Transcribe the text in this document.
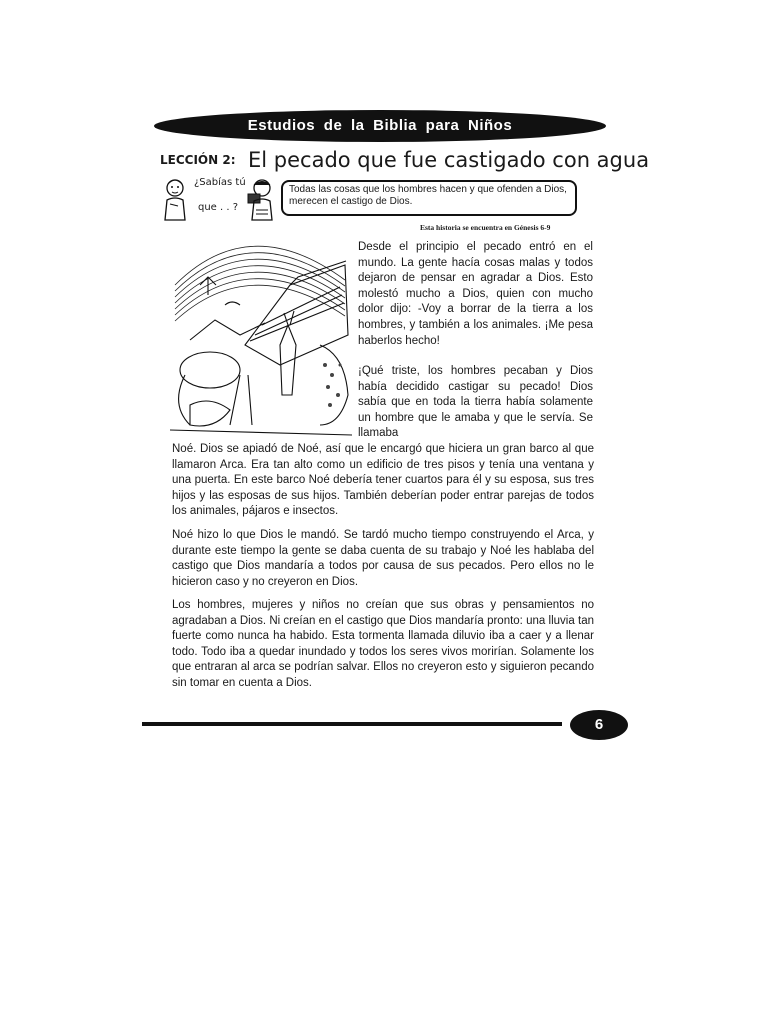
Estudios de la Biblia para Niños
LECCIÓN 2: El pecado que fue castigado con agua
¿Sabías tú
que . . ?
Todas las cosas que los hombres hacen y que ofenden a Dios, merecen el castigo de Dios.
Esta historia se encuentra en Génesis 6-9
Desde el principio el pecado entró en el mundo. La gente hacía cosas malas y todos dejaron de pensar en agradar a Dios. Esto molestó mucho a Dios, quien con mucho dolor dijo: -Voy a borrar de la tierra a los hombres, y también a los animales. ¡Me pesa haberlos hecho!
¡Qué triste, los hombres pecaban y Dios había decidido castigar su pecado! Dios sabía que en toda la tierra había solamente un hombre que le amaba y que le servía. Se llamaba
Noé. Dios se apiadó de Noé, así que le encargó que hiciera un gran barco al que llamaron Arca. Era tan alto como un edificio de tres pisos y tenía una ventana y una puerta. En este barco Noé debería tener cuartos para él y su esposa, sus tres hijos y las esposas de sus hijos. También deberían poder entrar parejas de todos los animales, pájaros e insectos.
Noé hizo lo que Dios le mandó. Se tardó mucho tiempo construyendo el Arca, y durante este tiempo la gente se daba cuenta de su trabajo y Noé les hablaba del castigo que Dios mandaría a todos por causa de sus pecados. Pero ellos no le hicieron caso y no creyeron en Dios.
Los hombres, mujeres y niños no creían que sus obras y pensamientos no agradaban a Dios. Ni creían en el castigo que Dios mandaría pronto: una lluvia tan fuerte como nunca ha habido. Esta tormenta llamada diluvio iba a caer y a llenar todo. Todo iba a quedar inundado y todos los seres vivos morirían. Solamente los que entraran al arca se podrían salvar. Ellos no creyeron esto y siguieron pecando sin tomar en cuenta a Dios.
6
